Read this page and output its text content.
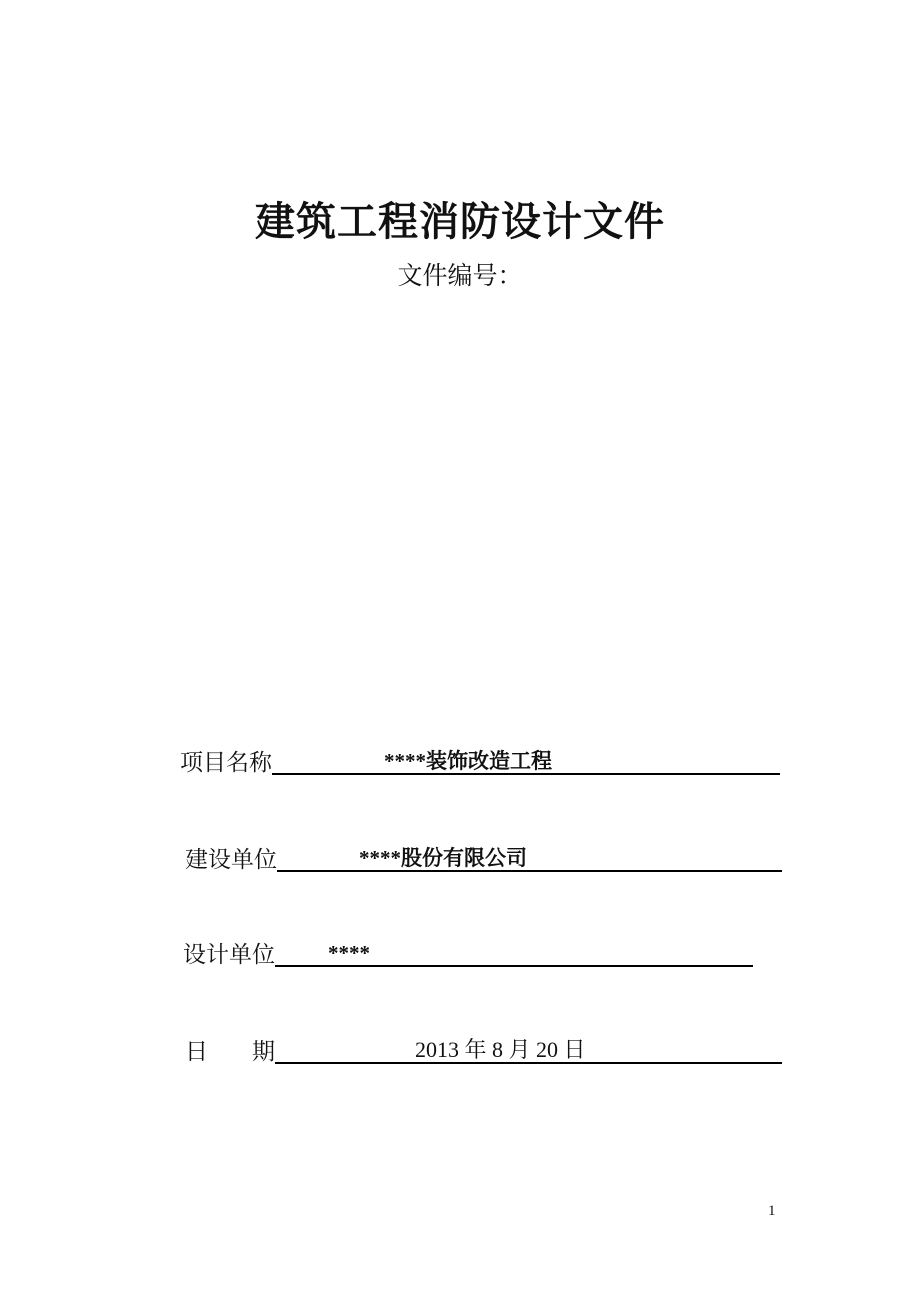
建筑工程消防设计文件
文件编号：
项目名称	****装饰改造工程
建设单位	****股份有限公司
设计单位	****
日 期	2013 年 8 月 20 日
1
